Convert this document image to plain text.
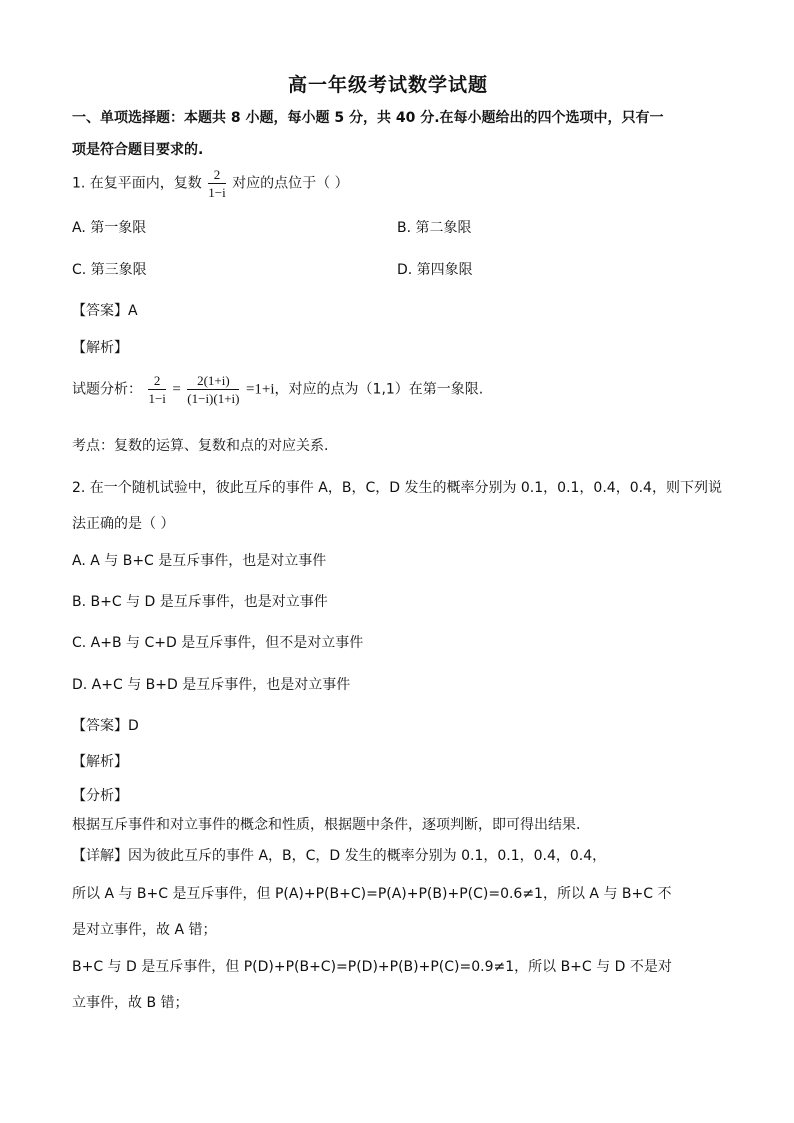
高一年级考试数学试题
一、单项选择题：本题共 8 小题，每小题 5 分，共 40 分.在每小题给出的四个选项中，只有一
项是符合题目要求的.
1. 在复平面内，复数 $\frac{2}{1-i}$ 对应的点位于（ ）
A. 第一象限	B. 第二象限
C. 第三象限	D. 第四象限
【答案】A
【解析】
试题分析： $\frac{2}{1-i} = \frac{2(1+i)}{(1-i)(1+i)} =1+i$，对应的点为（1,1）在第一象限.
考点：复数的运算、复数和点的对应关系.
2. 在一个随机试验中，彼此互斥的事件 A，B，C，D 发生的概率分别为 0.1，0.1，0.4，0.4，则下列说
法正确的是（ ）
A. A 与 B+C 是互斥事件，也是对立事件
B. B+C 与 D 是互斥事件，也是对立事件
C. A+B 与 C+D 是互斥事件，但不是对立事件
D. A+C 与 B+D 是互斥事件，也是对立事件
【答案】D
【解析】
【分析】
根据互斥事件和对立事件的概念和性质，根据题中条件，逐项判断，即可得出结果.
【详解】因为彼此互斥的事件 A，B，C，D 发生的概率分别为 0.1，0.1，0.4，0.4，
所以 A 与 B+C 是互斥事件，但 P(A)+P(B+C)=P(A)+P(B)+P(C)=0.6≠1，所以 A 与 B+C 不
是对立事件，故 A 错；
B+C 与 D 是互斥事件，但 P(D)+P(B+C)=P(D)+P(B)+P(C)=0.9≠1，所以 B+C 与 D 不是对
立事件，故 B 错；
